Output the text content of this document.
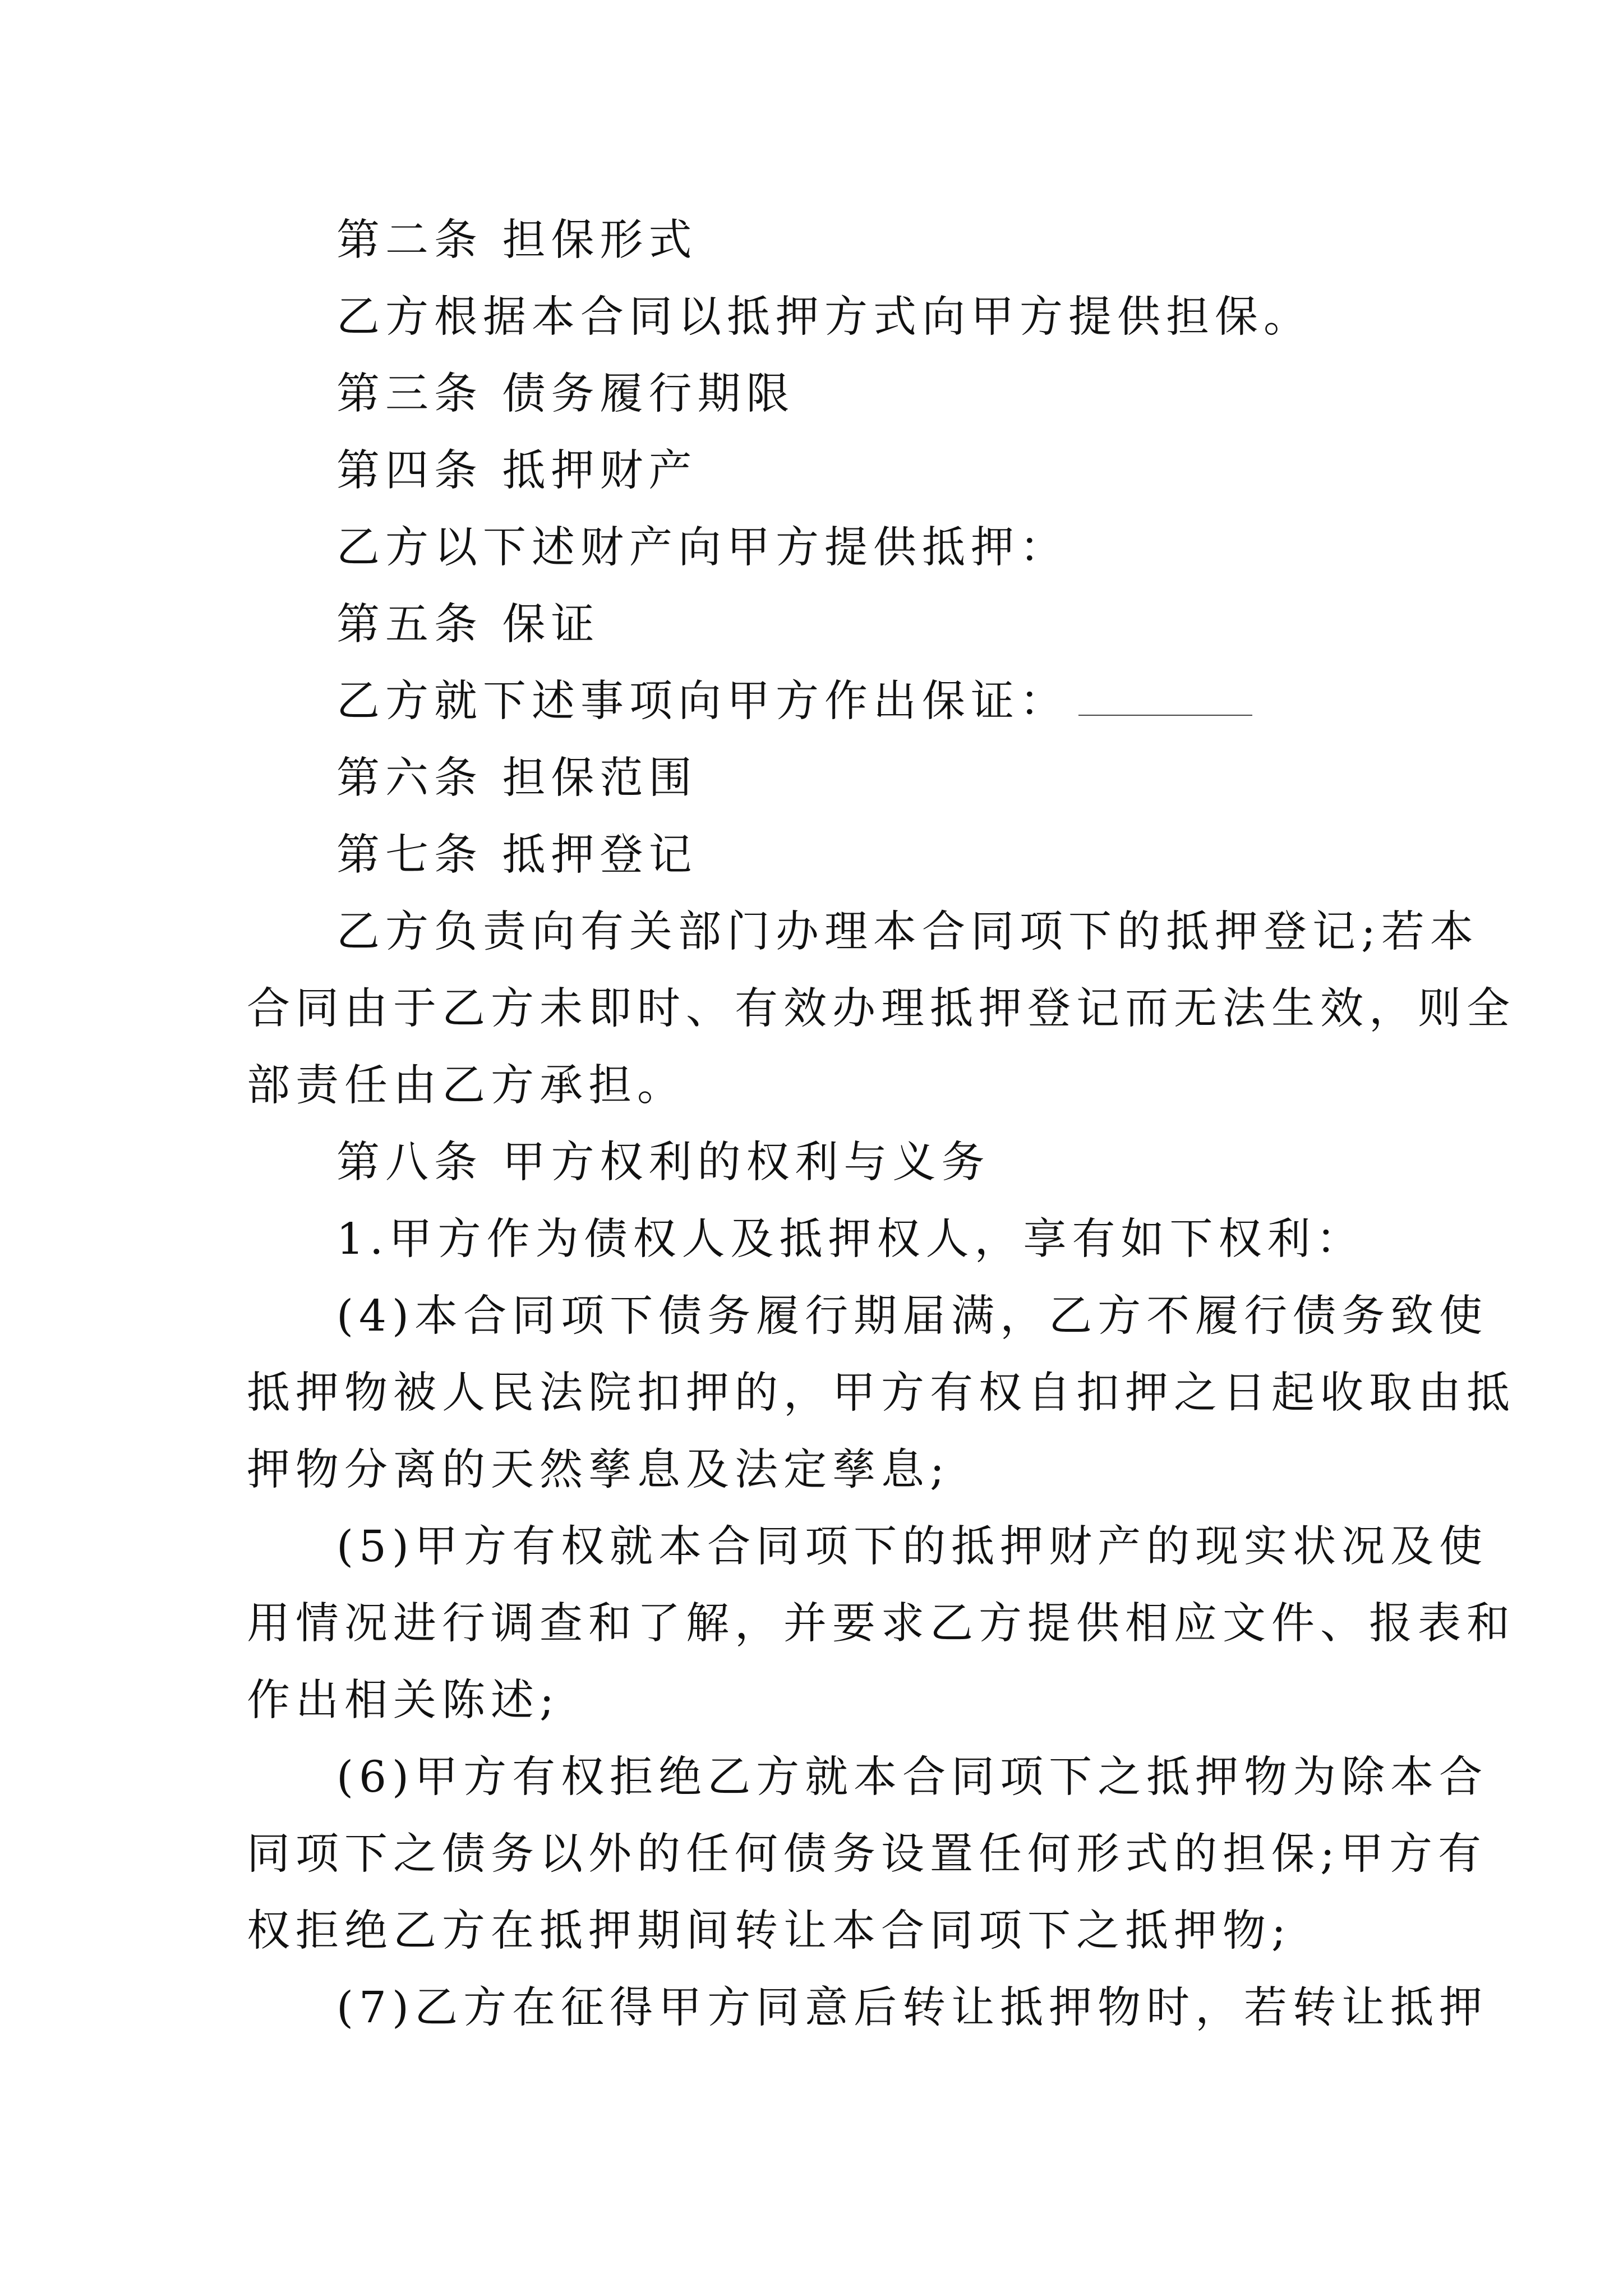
第二条 担保形式
乙方根据本合同以抵押方式向甲方提供担保。
第三条 债务履行期限
第四条 抵押财产
乙方以下述财产向甲方提供抵押：
第五条 保证
乙方就下述事项向甲方作出保证：
第六条 担保范围
第七条 抵押登记
乙方负责向有关部门办理本合同项下的抵押登记;若本
合同由于乙方未即时、有效办理抵押登记而无法生效，则全
部责任由乙方承担。
第八条 甲方权利的权利与义务
1.甲方作为债权人及抵押权人，享有如下权利：
(4)本合同项下债务履行期届满，乙方不履行债务致使
抵押物被人民法院扣押的，甲方有权自扣押之日起收取由抵
押物分离的天然孳息及法定孳息;
(5)甲方有权就本合同项下的抵押财产的现实状况及使
用情况进行调查和了解，并要求乙方提供相应文件、报表和
作出相关陈述;
(6)甲方有权拒绝乙方就本合同项下之抵押物为除本合
同项下之债务以外的任何债务设置任何形式的担保;甲方有
权拒绝乙方在抵押期间转让本合同项下之抵押物;
(7)乙方在征得甲方同意后转让抵押物时，若转让抵押
